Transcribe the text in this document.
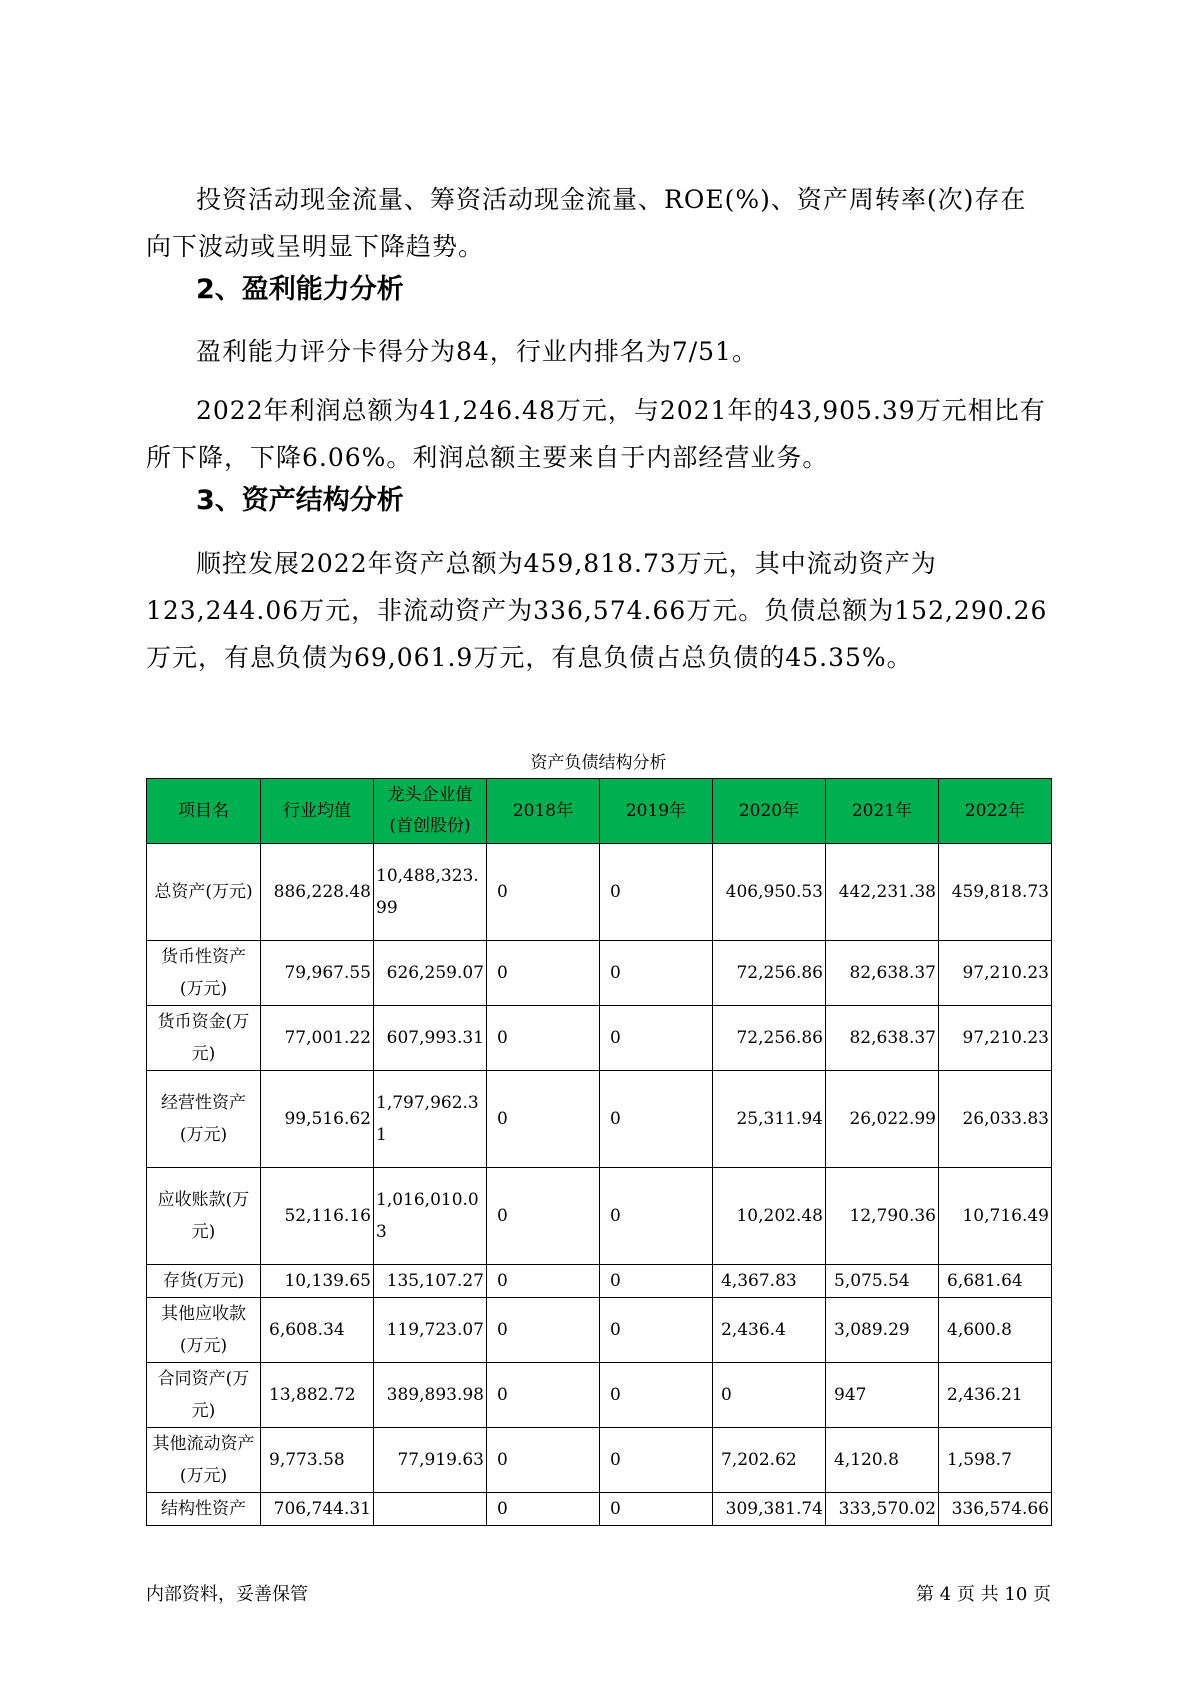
投资活动现金流量、筹资活动现金流量、ROE(%)、资产周转率(次)存在向下波动或呈明显下降趋势。

2、盈利能力分析

盈利能力评分卡得分为84，行业内排名为7/51。

2022年利润总额为41,246.48万元，与2021年的43,905.39万元相比有所下降，下降6.06%。利润总额主要来自于内部经营业务。

3、资产结构分析

顺控发展2022年资产总额为459,818.73万元，其中流动资产为123,244.06万元，非流动资产为336,574.66万元。负债总额为152,290.26万元，有息负债为69,061.9万元，有息负债占总负债的45.35%。

资产负债结构分析
项目名	行业均值	龙头企业值(首创股份)	2018年	2019年	2020年	2021年	2022年
总资产(万元)	886,228.48	10,488,323.99	0	0	406,950.53	442,231.38	459,818.73
货币性资产(万元)	79,967.55	626,259.07	0	0	72,256.86	82,638.37	97,210.23
货币资金(万元)	77,001.22	607,993.31	0	0	72,256.86	82,638.37	97,210.23
经营性资产(万元)	99,516.62	1,797,962.31	0	0	25,311.94	26,022.99	26,033.83
应收账款(万元)	52,116.16	1,016,010.03	0	0	10,202.48	12,790.36	10,716.49
存货(万元)	10,139.65	135,107.27	0	0	4,367.83	5,075.54	6,681.64
其他应收款(万元)	6,608.34	119,723.07	0	0	2,436.4	3,089.29	4,600.8
合同资产(万元)	13,882.72	389,893.98	0	0	0	947	2,436.21
其他流动资产(万元)	9,773.58	77,919.63	0	0	7,202.62	4,120.8	1,598.7
结构性资产	706,744.31		0	0	309,381.74	333,570.02	336,574.66
内部资料，妥善保管	第 4 页 共 10 页
